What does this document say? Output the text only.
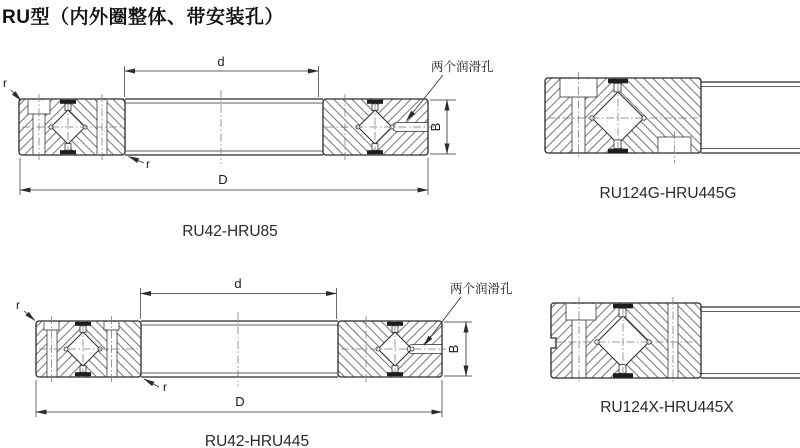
RU型（内外圈整体、带安装孔）
d
D
B
r
r
两个润滑孔
RU42-HRU85
RU124G-HRU445G
d
D
B
r
r
两个润滑孔
RU42-HRU445
RU124X-HRU445X
